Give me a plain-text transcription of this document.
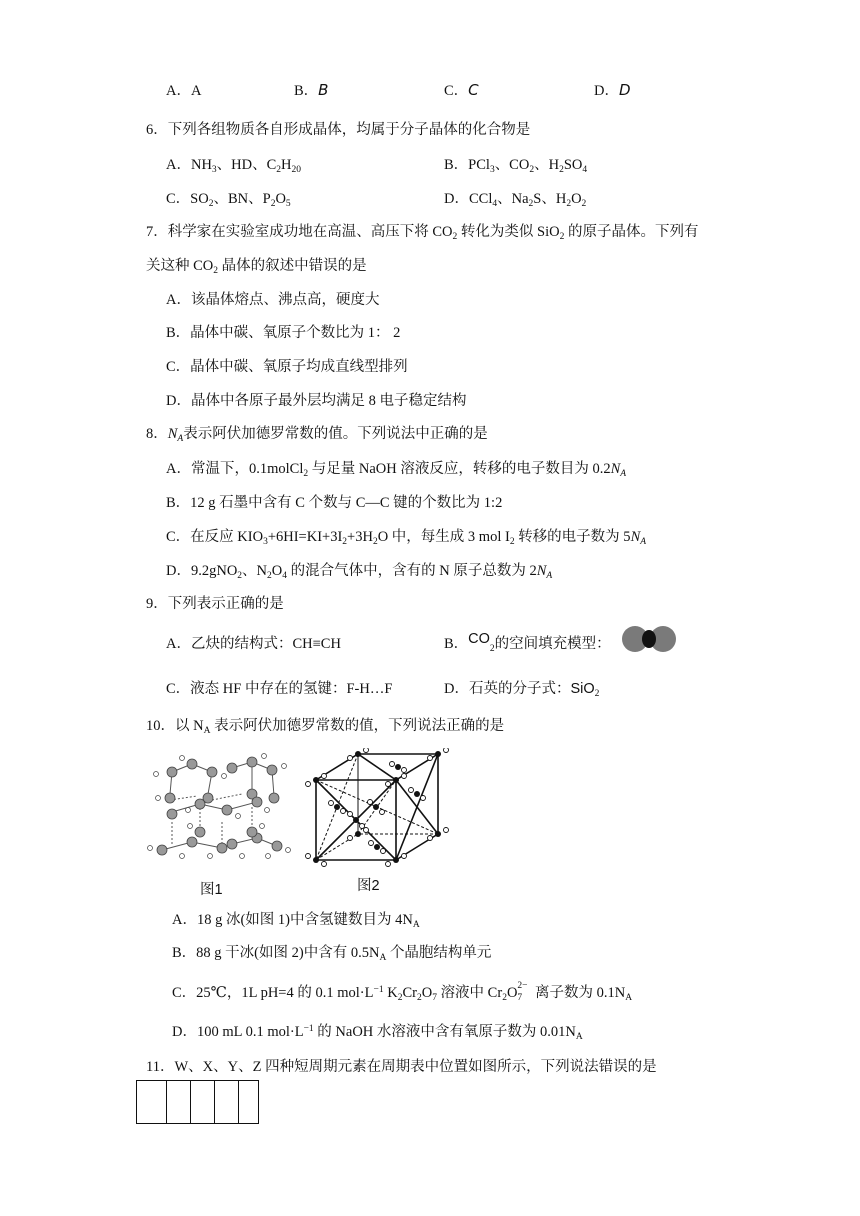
A．A	B．B	C．C	D．D
6．下列各组物质各自形成晶体，均属于分子晶体的化合物是
A．$NH_3$、HD、$C_2H_{20}$	B．PCl$_3$、$CO_2$、$H_2SO_4$
C．$SO_2$、BN、$P_2O_5$	D．CCl$_4$、$Na_2S$、$H_2O_2$
7．科学家在实验室成功地在高温、高压下将 $CO_2$ 转化为类似 SiO$_2$ 的原子晶体。下列有
关这种 $CO_2$ 晶体的叙述中错误的是
A．该晶体熔点、沸点高，硬度大
B．晶体中碳、氧原子个数比为 1： 2
C．晶体中碳、氧原子均成直线型排列
D．晶体中各原子最外层均满足 8 电子稳定结构
8．$N_A$表示阿伏加德罗常数的值。下列说法中正确的是
A．常温下，0.1molCl$_2$ 与足量 NaOH 溶液反应，转移的电子数目为 $0.2N_A$
B．12 g 石墨中含有 C 个数与 C—C 键的个数比为 1:2
C．在反应 $KIO_3+6HI=KI+3I_2+3H_2O$ 中，每生成 3 mol $I_2$ 转移的电子数为 $5N_A$
D．9.2gNO$_2$、$N_2O_4$ 的混合气体中，含有的 N 原子总数为 $2N_A$
9．下列表示正确的是
A．乙炔的结构式：CH≡CH	B．$CO_2$的空间填充模型：
C．液态 HF 中存在的氢键：F-H…F	D．石英的分子式：SiO$_2$
10．以 $N_A$ 表示阿伏加德罗常数的值，下列说法正确的是
图1	图2
A．18 g 冰(如图 1)中含氢键数目为 $4N_A$
B．88 g 干冰(如图 2)中含有 $0.5N_A$ 个晶胞结构单元
C．25℃，1L pH=4 的 0.1 $mol\cdot L^{-1}$ $K_2Cr_2O_7$ 溶液中 $Cr_2O$ 2−
7 离子数为 $0.1N_A$
D．100 mL 0.1 $mol\cdot L^{-1}$ 的 NaOH 水溶液中含有氧原子数为 $0.01N_A$
11．W、X、Y、Z 四种短周期元素在周期表中位置如图所示，下列说法错误的是
